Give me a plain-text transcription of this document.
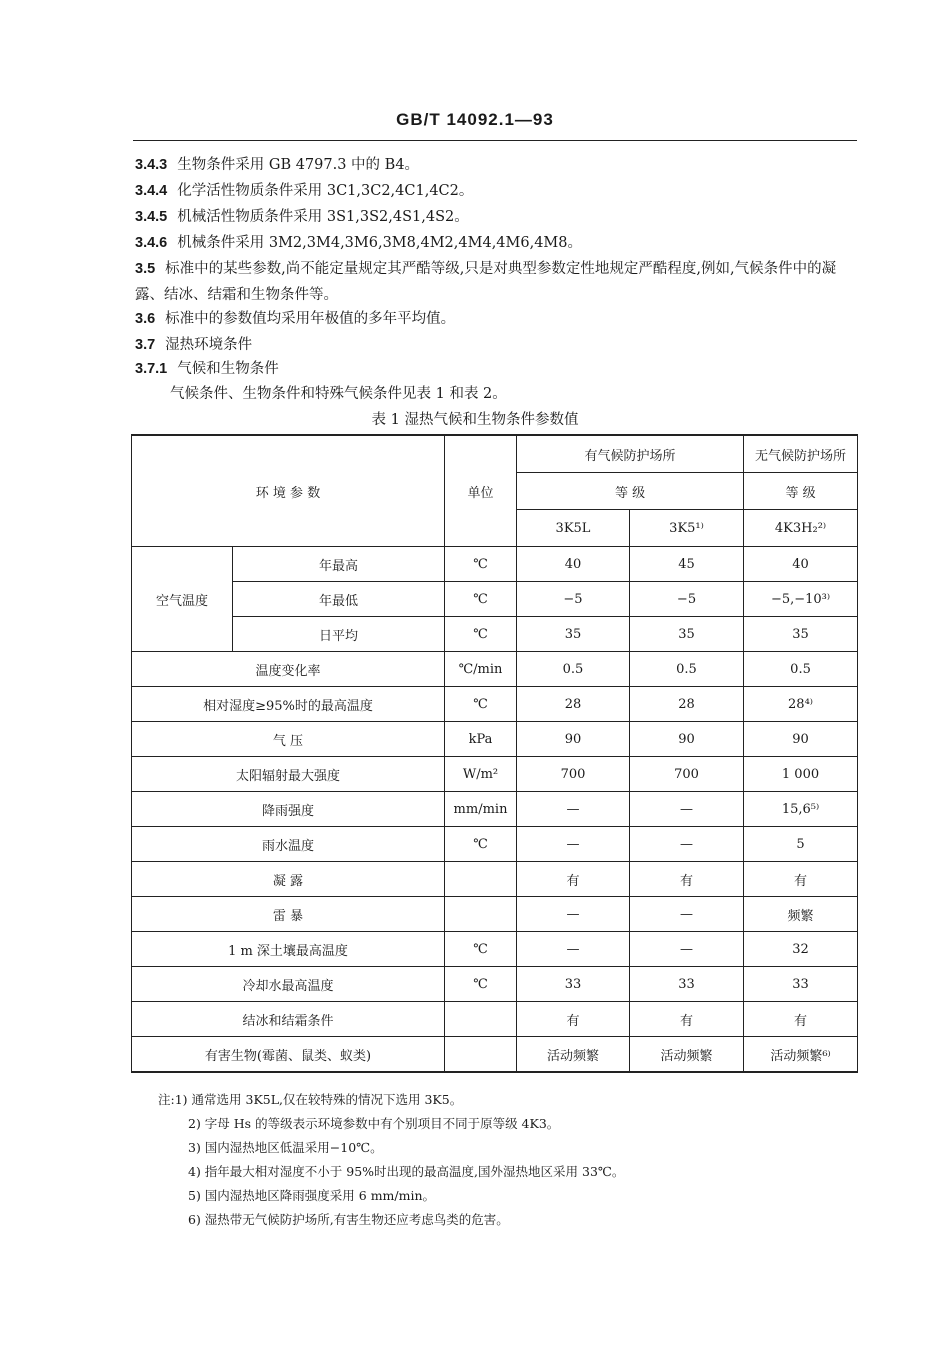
GB/T 14092.1—93
3.4.3 生物条件采用 GB 4797.3 中的 B4。
3.4.4 化学活性物质条件采用 3C1,3C2,4C1,4C2。
3.4.5 机械活性物质条件采用 3S1,3S2,4S1,4S2。
3.4.6 机械条件采用 3M2,3M4,3M6,3M8,4M2,4M4,4M6,4M8。
3.5 标准中的某些参数,尚不能定量规定其严酷等级,只是对典型参数定性地规定严酷程度,例如,气候条件中的凝露、结冰、结霜和生物条件等。
3.6 标准中的参数值均采用年极值的多年平均值。
3.7 湿热环境条件
3.7.1 气候和生物条件
气候条件、生物条件和特殊气候条件见表 1 和表 2。
表 1 湿热气候和生物条件参数值
环 境 参 数		单位	有气候防护场所		无气候防护场所
			等 级		等 级
			3K5L	3K5¹⁾	4K3H₂²⁾
空气温度	年最高	℃	40	45	40
	年最低	℃	−5	−5	−5,−10³⁾
	日平均	℃	35	35	35
温度变化率		℃/min	0.5	0.5	0.5
相对湿度≥95%时的最高温度		℃	28	28	28⁴⁾
气 压		kPa	90	90	90
太阳辐射最大强度		W/m²	700	700	1 000
降雨强度		mm/min	—	—	15,6⁵⁾
雨水温度		℃	—	—	5
凝 露			有	有	有
雷 暴			—	—	频繁
1 m 深土壤最高温度		℃	—	—	32
冷却水最高温度		℃	33	33	33
结冰和结霜条件			有	有	有
有害生物(霉菌、鼠类、蚁类)			活动频繁	活动频繁	活动频繁⁶⁾
注:1) 通常选用 3K5L,仅在较特殊的情况下选用 3K5。
2) 字母 Hs 的等级表示环境参数中有个别项目不同于原等级 4K3。
3) 国内湿热地区低温采用−10℃。
4) 指年最大相对湿度不小于 95%时出现的最高温度,国外湿热地区采用 33℃。
5) 国内湿热地区降雨强度采用 6 mm/min。
6) 湿热带无气候防护场所,有害生物还应考虑鸟类的危害。
